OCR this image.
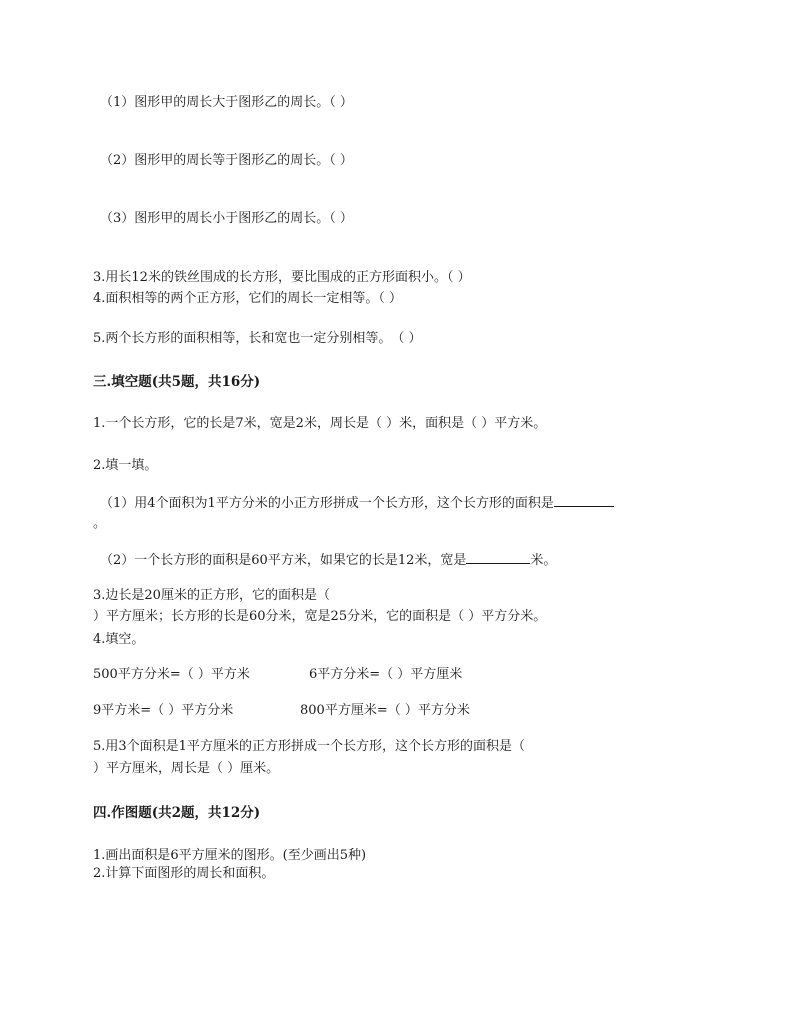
（1）图形甲的周长大于图形乙的周长。（ ）
（2）图形甲的周长等于图形乙的周长。（ ）
（3）图形甲的周长小于图形乙的周长。（ ）
3.用长12米的铁丝围成的长方形，要比围成的正方形面积小。（ ）
4.面积相等的两个正方形，它们的周长一定相等。（ ）
5.两个长方形的面积相等，长和宽也一定分别相等。　（ ）
三.填空题(共5题，共16分)
1.一个长方形，它的长是7米，宽是2米，周长是（ ）米，面积是（ ）平方米。
2.填一填。
（1）用4个面积为1平方分米的小正方形拼成一个长方形，这个长方形的面积是
。
（2）一个长方形的面积是60平方米，如果它的长是12米，宽是	米。
3.边长是20厘米的正方形，它的面积是（
）平方厘米；长方形的长是60分米，宽是25分米，它的面积是（ ）平方分米。
4.填空。
500平方分米=（ ）平方米	6平方分米=（ ）平方厘米
9平方米=（ ）平方分米	800平方厘米=（ ）平方分米
5.用3个面积是1平方厘米的正方形拼成一个长方形，这个长方形的面积是（
）平方厘米，周长是（ ）厘米。
四.作图题(共2题，共12分)
1.画出面积是6平方厘米的图形。(至少画出5种)
2.计算下面图形的周长和面积。
